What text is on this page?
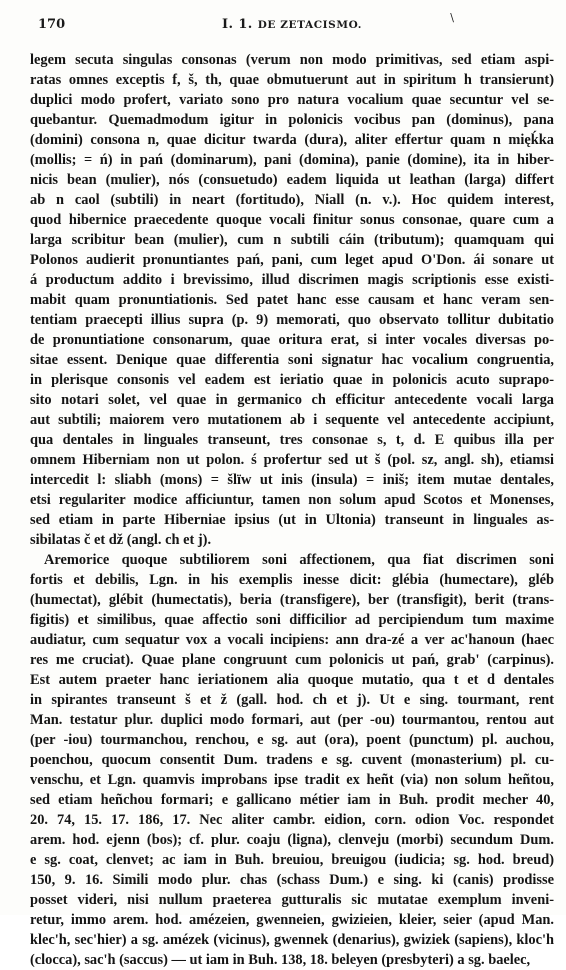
170	I. 1. DE ZETACISMO.
\
legem secuta singulas consonas (verum non modo primitivas, sed etiam aspi-
ratas omnes exceptis f, š, th, quae obmutuerunt aut in spiritum h transierunt)
duplici modo profert, variato sono pro natura vocalium quae secuntur vel se-
quebantur. Quemadmodum igitur in polonicis vocibus pan (dominus), pana
(domini) consona n, quae dicitur twarda (dura), aliter effertur quam n mięḱka
(mollis; = ń) in pań (dominarum), pani (domina), panie (domine), ita in hiber-
nicis bean (mulier), nós (consuetudo) eadem liquida ut leathan (larga) differt
ab n caol (subtili) in neart (fortitudo), Niall (n. v.). Hoc quidem interest,
quod hibernice praecedente quoque vocali finitur sonus consonae, quare cum a
larga scribitur bean (mulier), cum n subtili cáin (tributum); quamquam qui
Polonos audierit pronuntiantes pań, pani, cum leget apud O'Don. ái sonare ut
á productum addito i brevissimo, illud discrimen magis scriptionis esse existi-
mabit quam pronuntiationis. Sed patet hanc esse causam et hanc veram sen-
tentiam praecepti illius supra (p. 9) memorati, quo observato tollitur dubitatio
de pronuntiatione consonarum, quae oritura erat, si inter vocales diversas po-
sitae essent. Denique quae differentia soni signatur hac vocalium congruentia,
in plerisque consonis vel eadem est ieriatio quae in polonicis acuto suprapo-
sito notari solet, vel quae in germanico ch efficitur antecedente vocali larga
aut subtili; maiorem vero mutationem ab i sequente vel antecedente accipiunt,
qua dentales in linguales transeunt, tres consonae s, t, d. E quibus illa per
omnem Hiberniam non ut polon. ś profertur sed ut š (pol. sz, angl. sh), etiamsi
intercedit l: sliabh (mons) = šlïw ut inis (insula) = iniš; item mutae dentales,
etsi regulariter modice afficiuntur, tamen non solum apud Scotos et Monenses,
sed etiam in parte Hiberniae ipsius (ut in Ultonia) transeunt in linguales as-
sibilatas č et dž (angl. ch et j).
Aremorice quoque subtiliorem soni affectionem, qua fiat discrimen soni
fortis et debilis, Lgn. in his exemplis inesse dicit: glébia (humectare), gléb
(humectat), glébit (humectatis), beria (transfigere), ber (transfigit), berit (trans-
figitis) et similibus, quae affectio soni difficilior ad percipiendum tum maxime
audiatur, cum sequatur vox a vocali incipiens: ann dra-zé a ver ac'hanoun (haec
res me cruciat). Quae plane congruunt cum polonicis ut pań, grab' (carpinus).
Est autem praeter hanc ieriationem alia quoque mutatio, qua t et d dentales
in spirantes transeunt š et ž (gall. hod. ch et j). Ut e sing. tourmant, rent
Man. testatur plur. duplici modo formari, aut (per -ou) tourmantou, rentou aut
(per -iou) tourmanchou, renchou, e sg. aut (ora), poent (punctum) pl. auchou,
poenchou, quocum consentit Dum. tradens e sg. cuvent (monasterium) pl. cu-
venschu, et Lgn. quamvis improbans ipse tradit ex heñt (via) non solum heñtou,
sed etiam heñchou formari; e gallicano métier iam in Buh. prodit mecher 40,
20. 74, 15. 17. 186, 17. Nec aliter cambr. eidion, corn. odion Voc. respondet
arem. hod. ejenn (bos); cf. plur. coaju (ligna), clenveju (morbi) secundum Dum.
e sg. coat, clenvet; ac iam in Buh. breuiou, breuigou (iudicia; sg. hod. breud)
150, 9. 16. Simili modo plur. chas (schass Dum.) e sing. ki (canis) prodisse
posset videri, nisi nullum praeterea gutturalis sic mutatae exemplum inveni-
retur, immo arem. hod. amézeien, gwenneien, gwizieien, kleier, seier (apud Man.
klec'h, sec'hier) a sg. amézek (vicinus), gwennek (denarius), gwiziek (sapiens), kloc'h
(clocca), sac'h (saccus) — ut iam in Buh. 138, 18. beleyen (presbyteri) a sg. baelec,
